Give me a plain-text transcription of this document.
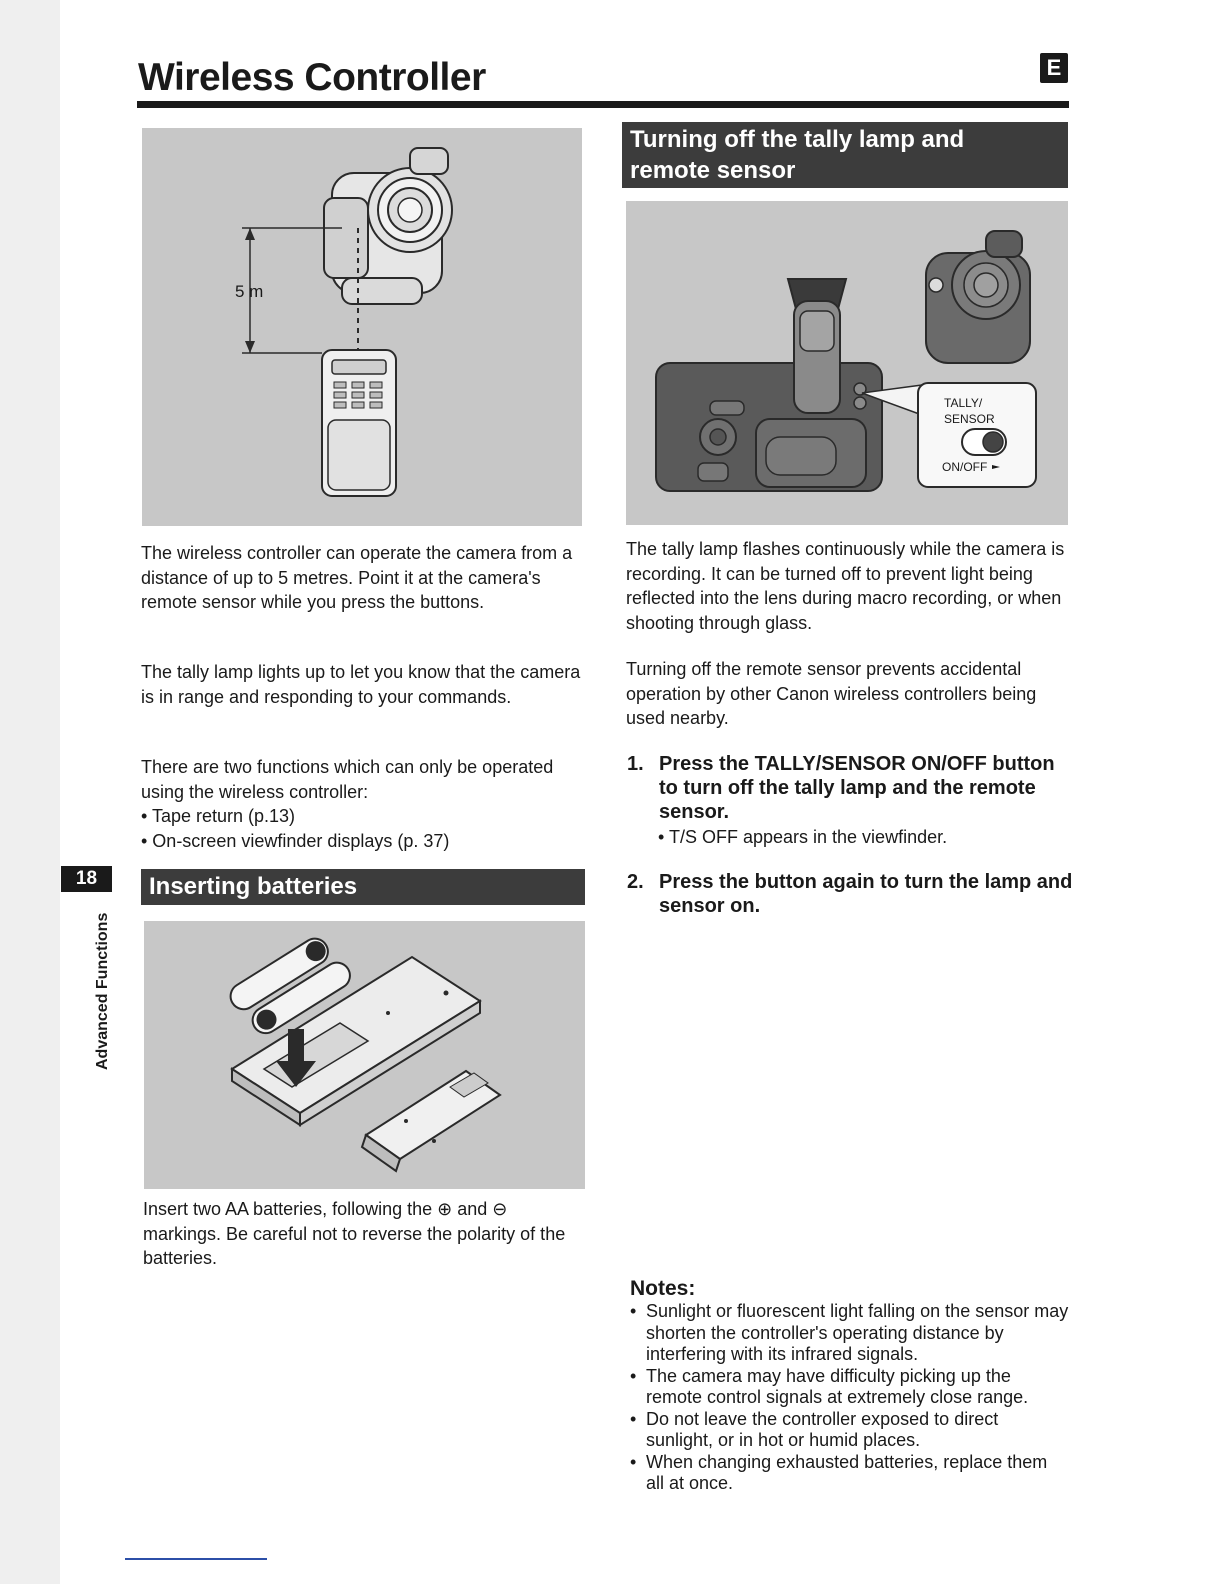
Wireless Controller	E
5 m

The wireless controller can operate the camera from a distance of up to 5 metres. Point it at the camera's remote sensor while you press the buttons.

The tally lamp lights up to let you know that the camera is in range and responding to your commands.

There are two functions which can only be operated using the wireless controller:
• Tape return (p.13)
• On-screen viewfinder displays (p. 37)
Inserting batteries

Insert two AA batteries, following the ⊕ and ⊖ markings. Be careful not to reverse the polarity of the batteries.

Turning off the tally lamp and
remote sensor
TALLY/
SENSOR
ON/OFF

The tally lamp flashes continuously while the camera is recording. It can be turned off to prevent light being reflected into the lens during macro recording, or when shooting through glass.

Turning off the remote sensor prevents accidental operation by other Canon wireless controllers being used nearby.

1. Press the TALLY/SENSOR ON/OFF button to turn off the tally lamp and the remote sensor.
• T/S OFF appears in the viewfinder.
2. Press the button again to turn the lamp and sensor on.
Notes:
• Sunlight or fluorescent light falling on the sensor may shorten the controller's operating distance by interfering with its infrared signals.
• The camera may have difficulty picking up the remote control signals at extremely close range.
• Do not leave the controller exposed to direct sunlight, or in hot or humid places.
• When changing exhausted batteries, replace them all at once.
18
Advanced Functions
